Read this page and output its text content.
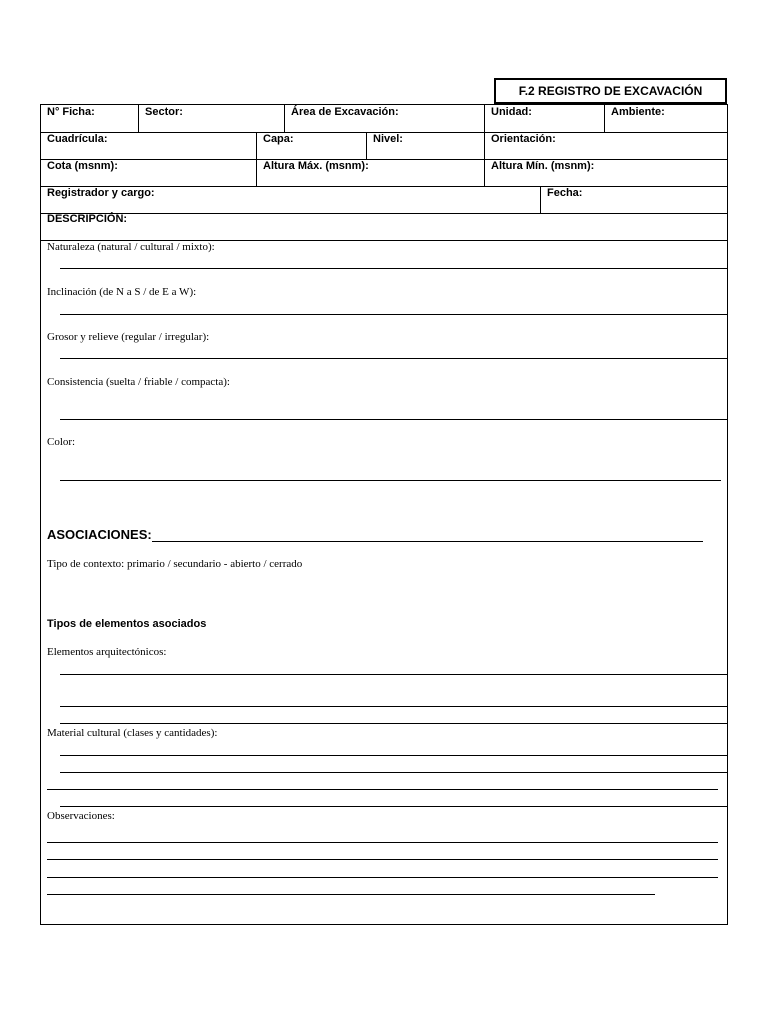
F.2 REGISTRO DE EXCAVACIÓN
N° Ficha:	Sector:	Área de Excavación:	Unidad:	Ambiente:
Cuadrícula:	Capa:	Nivel:	Orientación:
Cota (msnm):	Altura Máx. (msnm):	Altura Mín. (msnm):
Registrador y cargo:	Fecha:
DESCRIPCIÓN:
Naturaleza (natural / cultural / mixto):
Inclinación (de N a S / de E a W):
Grosor y relieve (regular / irregular):
Consistencia (suelta / friable / compacta):
Color:
ASOCIACIONES:
Tipo de contexto: primario / secundario - abierto / cerrado
Tipos de elementos asociados
Elementos arquitectónicos:
Material cultural (clases y cantidades):
Observaciones:
